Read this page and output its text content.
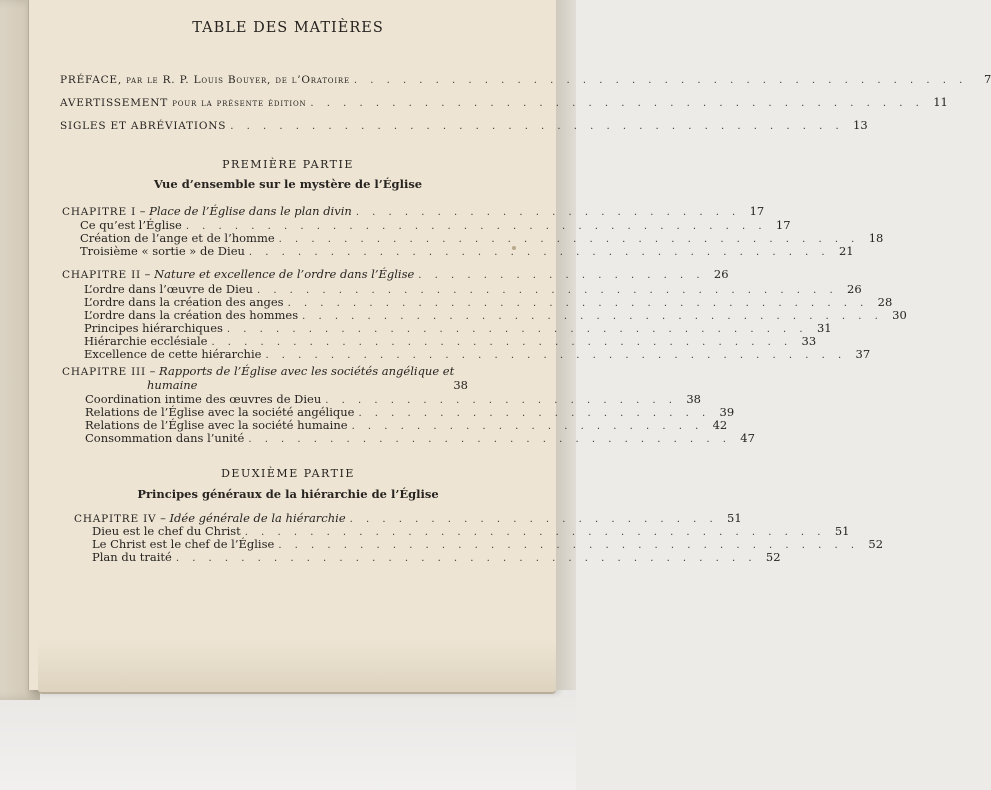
TABLE DES MATIÈRES
PRÉFACE, par le R. P. Louis Bouyer, de l’Oratoire . . . . . . . . . . . . . . . . . . . . . . . . . . . . . . . . . . . . . .	7
AVERTISSEMENT pour la présente édition . . . . . . . . . . . . . . . . . . . . . . . . . . . . . . . . . . . . . . 11
SIGLES ET ABRÉVIATIONS . . . . . . . . . . . . . . . . . . . . . . . . . . . . . . . . . . . . . . 13
PREMIÈRE PARTIE
Vue d’ensemble sur le mystère de l’Église
CHAPITRE I – Place de l’Église dans le plan divin . . . . . . . . . . . . . . . . . . . . . . . . 17
Ce qu’est l’Église . . . . . . . . . . . . . . . . . . . . . . . . . . . . . . . . . . . . 17
Création de l’ange et de l’homme . . . . . . . . . . . . . . . . . . . . . . . . . . . . . . . . . . . . 18
Troisième « sortie » de Dieu . . . . . . . . . . . . . . . . . . . . . . . . . . . . . . . . . . . . 21
CHAPITRE II – Nature et excellence de l’ordre dans l’Église . . . . . . . . . . . . . . . . . . 26
L’ordre dans l’œuvre de Dieu . . . . . . . . . . . . . . . . . . . . . . . . . . . . . . . . . . . . 26
L’ordre dans la création des anges . . . . . . . . . . . . . . . . . . . . . . . . . . . . . . . . . . . . 28
L’ordre dans la création des hommes . . . . . . . . . . . . . . . . . . . . . . . . . . . . . . . . . . . . 30
Principes hiérarchiques . . . . . . . . . . . . . . . . . . . . . . . . . . . . . . . . . . . . 31
Hiérarchie ecclésiale . . . . . . . . . . . . . . . . . . . . . . . . . . . . . . . . . . . . 33
Excellence de cette hiérarchie . . . . . . . . . . . . . . . . . . . . . . . . . . . . . . . . . . . . 37
CHAPITRE III – Rapports de l’Église avec les sociétés angélique et
humaine
	38
Coordination intime des œuvres de Dieu . . . . . . . . . . . . . . . . . . . . . . 38
Relations de l’Église avec la société angélique . . . . . . . . . . . . . . . . . . . . . . 39
Relations de l’Église avec la société humaine . . . . . . . . . . . . . . . . . . . . . . 42
Consommation dans l’unité . . . . . . . . . . . . . . . . . . . . . . . . . . . . . . 47
DEUXIÈME PARTIE
Principes généraux de la hiérarchie de l’Église
CHAPITRE IV – Idée générale de la hiérarchie . . . . . . . . . . . . . . . . . . . . . . . 51
Dieu est le chef du Christ . . . . . . . . . . . . . . . . . . . . . . . . . . . . . . . . . . . . 51
Le Christ est le chef de l’Église . . . . . . . . . . . . . . . . . . . . . . . . . . . . . . . . . . . . 52
Plan du traité . . . . . . . . . . . . . . . . . . . . . . . . . . . . . . . . . . . . 52
